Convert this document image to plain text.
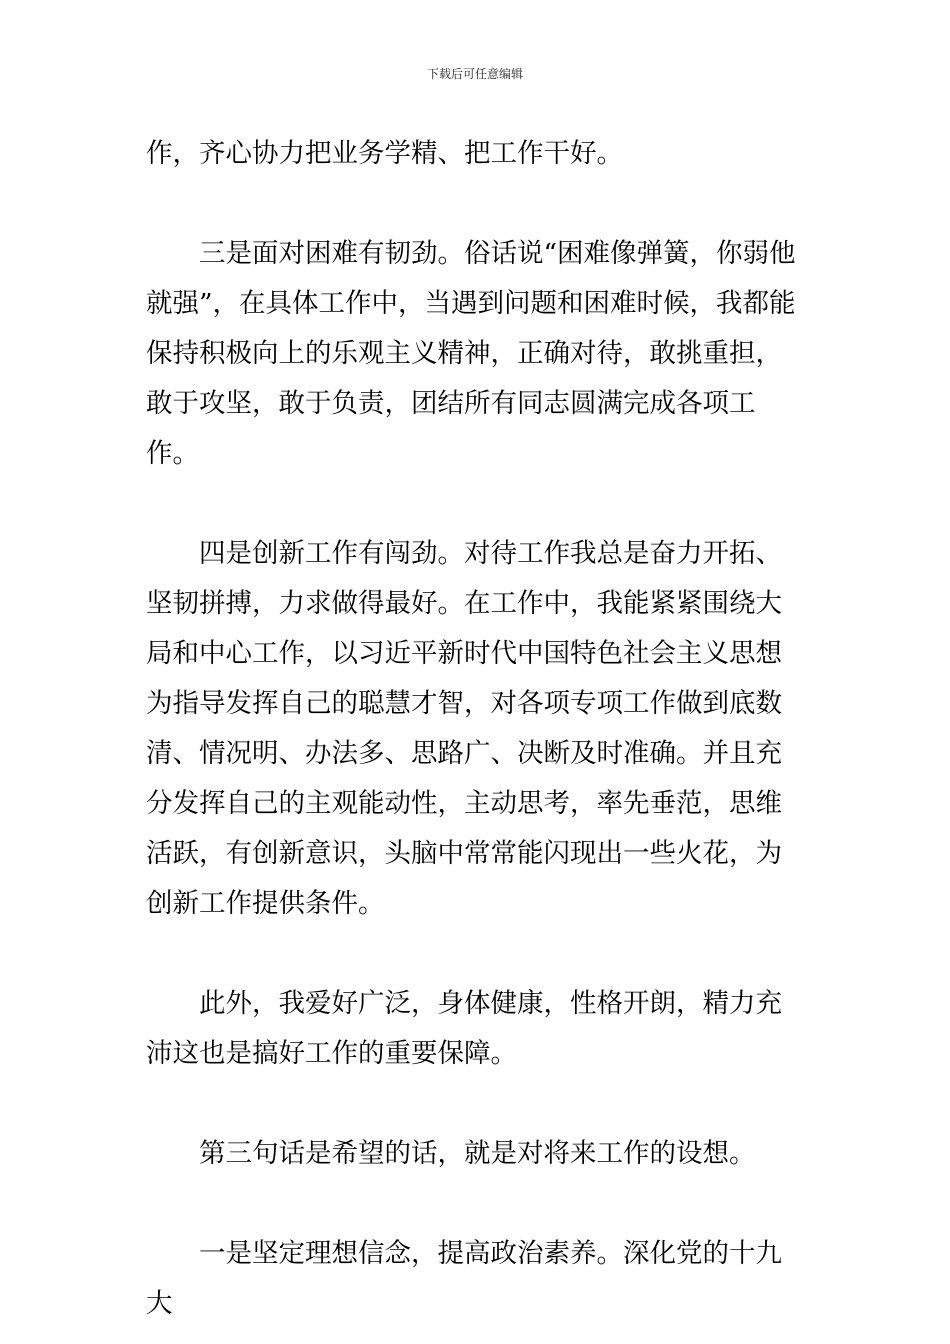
下载后可任意编辑

作，齐心协力把业务学精、把工作干好。

三是面对困难有韧劲。俗话说“困难像弹簧，你弱他就强”，在具体工作中，当遇到问题和困难时候，我都能保持积极向上的乐观主义精神，正确对待，敢挑重担，敢于攻坚，敢于负责，团结所有同志圆满完成各项工作。

四是创新工作有闯劲。对待工作我总是奋力开拓、坚韧拼搏，力求做得最好。在工作中，我能紧紧围绕大局和中心工作，以习近平新时代中国特色社会主义思想为指导发挥自己的聪慧才智，对各项专项工作做到底数清、情况明、办法多、思路广、决断及时准确。并且充分发挥自己的主观能动性，主动思考，率先垂范，思维活跃，有创新意识，头脑中常常能闪现出一些火花，为创新工作提供条件。

此外，我爱好广泛，身体健康，性格开朗，精力充沛这也是搞好工作的重要保障。

第三句话是希望的话，就是对将来工作的设想。

一是坚定理想信念，提高政治素养。深化党的十九大
